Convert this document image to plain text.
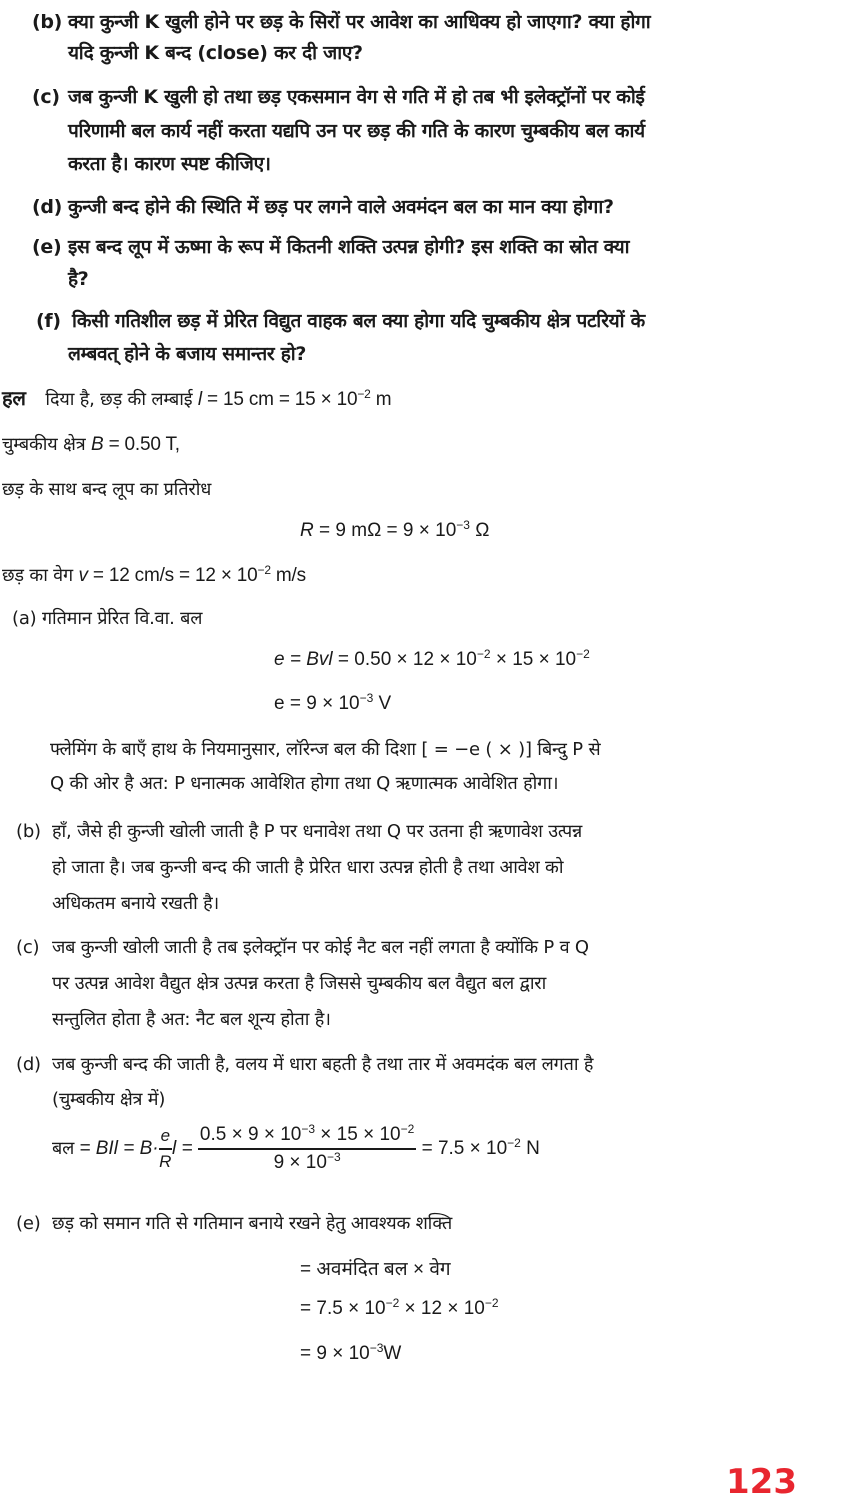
(b) क्या कुन्जी K खुली होने पर छड़ के सिरों पर आवेश का आधिक्य हो जाएगा? क्या होगा
यदि कुन्जी K बन्द (close) कर दी जाए?
(c) जब कुन्जी K खुली हो तथा छड़ एकसमान वेग से गति में हो तब भी इलेक्ट्रॉनों पर कोई
परिणामी बल कार्य नहीं करता यद्यपि उन पर छड़ की गति के कारण चुम्बकीय बल कार्य
करता है। कारण स्पष्ट कीजिए।
(d) कुन्जी बन्द होने की स्थिति में छड़ पर लगने वाले अवमंदन बल का मान क्या होगा?
(e) इस बन्द लूप में ऊष्मा के रूप में कितनी शक्ति उत्पन्न होगी? इस शक्ति का स्रोत क्या
है?
(f) किसी गतिशील छड़ में प्रेरित विद्युत वाहक बल क्या होगा यदि चुम्बकीय क्षेत्र पटरियों के
लम्बवत् होने के बजाय समान्तर हो?
हल दिया है, छड़ की लम्बाई l = 15 cm = $15 \times 10^{-2}$ m
चुम्बकीय क्षेत्र B = 0.50 T,
छड़ के साथ बन्द लूप का प्रतिरोध
R = 9 $m\Omega = 9 \times 10^{-3}$ Ω
छड़ का वेग v = 12 $cm/s = 12 \times 10^{-2}$ m/s
(a) गतिमान प्रेरित वि.वा. बल
e = Bvl = $0.50 \times 12 \times 10^{-2} \times 15 \times 10^{-2}$
$e = 9 \times 10^{-3}$ V
फ्लेमिंग के बाएँ हाथ के नियमानुसार, लॉरेन्ज बल की दिशा [ = −e ( × )] बिन्दु P से
Q की ओर है अत: P धनात्मक आवेशित होगा तथा Q ऋणात्मक आवेशित होगा।
(b) हाँ, जैसे ही कुन्जी खोली जाती है P पर धनावेश तथा Q पर उतना ही ऋणावेश उत्पन्न
हो जाता है। जब कुन्जी बन्द की जाती है प्रेरित धारा उत्पन्न होती है तथा आवेश को
अधिकतम बनाये रखती है।
(c) जब कुन्जी खोली जाती है तब इलेक्ट्रॉन पर कोई नैट बल नहीं लगता है क्योंकि P व Q
पर उत्पन्न आवेश वैद्युत क्षेत्र उत्पन्न करता है जिससे चुम्बकीय बल वैद्युत बल द्वारा
सन्तुलित होता है अत: नैट बल शून्य होता है।
(d) जब कुन्जी बन्द की जाती है, वलय में धारा बहती है तथा तार में अवमदंक बल लगता है
(चुम्बकीय क्षेत्र में)
बल = BIl = $B\cdot \frac{e}{R}$ $l = \frac{0.5 \times 9 \times 10^{-3} \times 15 \times 10^{-2}}{9 \times 10^{-3}} = 7.5 \times 10^{-2}$ N
(e) छड़ को समान गति से गतिमान बनाये रखने हेतु आवश्यक शक्ति
= अवमंदित बल × वेग
= $7.5 \times 10^{-2} \times 12 \times 10^{-2}$
= $9 \times 10^{-3}W$
123
